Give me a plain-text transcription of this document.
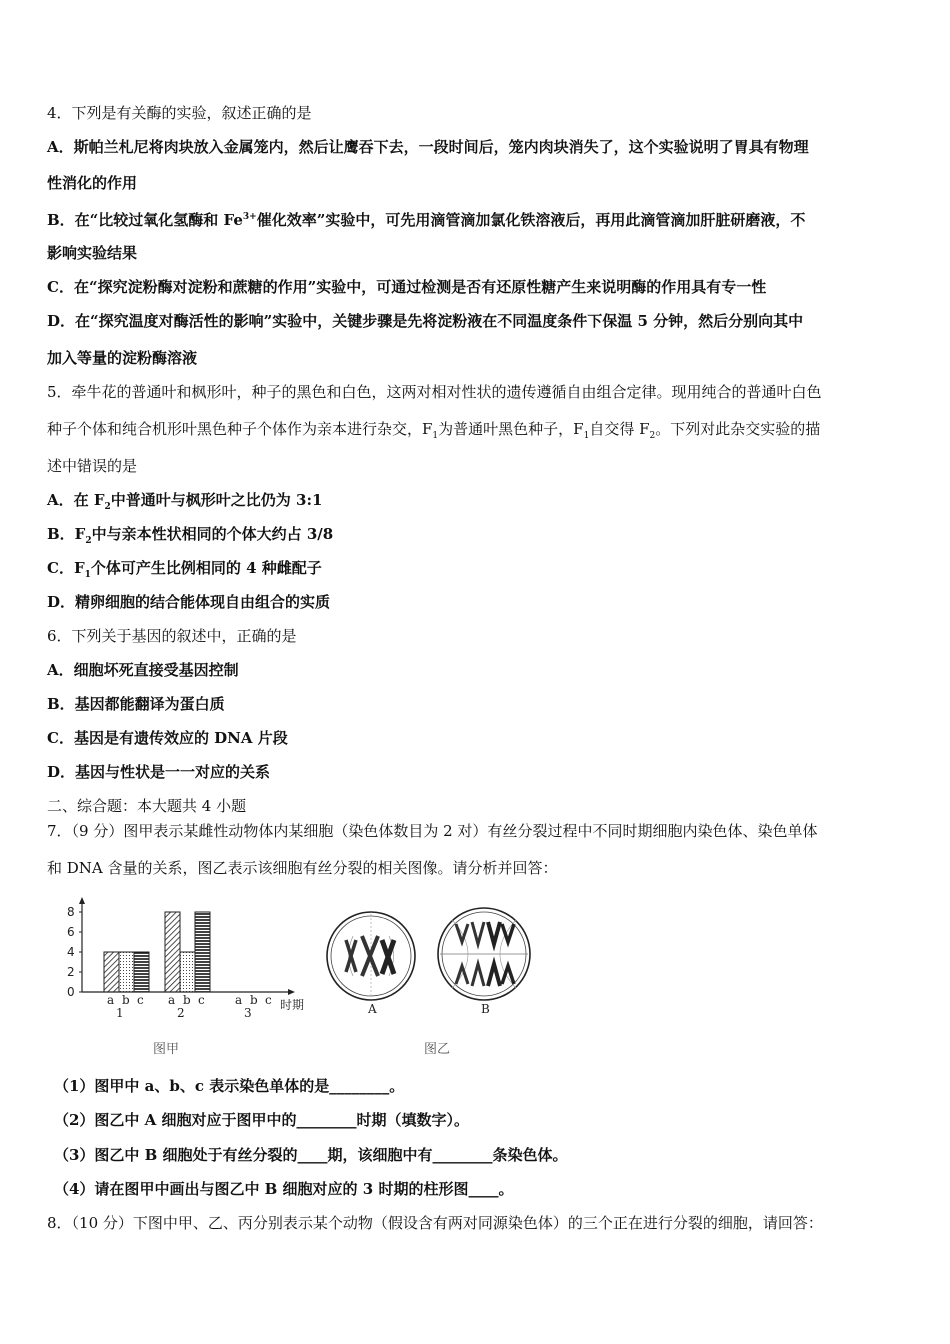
4．下列是有关酶的实验，叙述正确的是
A．斯帕兰札尼将肉块放入金属笼内，然后让鹰吞下去，一段时间后，笼内肉块消失了，这个实验说明了胃具有物理
性消化的作用
B．在“比较过氧化氢酶和 $Fe^{3+}$催化效率”实验中，可先用滴管滴加氯化铁溶液后，再用此滴管滴加肝脏研磨液，不
影响实验结果
C．在“探究淀粉酶对淀粉和蔗糖的作用”实验中，可通过检测是否有还原性糖产生来说明酶的作用具有专一性
D．在“探究温度对酶活性的影响”实验中，关键步骤是先将淀粉液在不同温度条件下保温 5 分钟，然后分别向其中
加入等量的淀粉酶溶液
5．牵牛花的普通叶和枫形叶，种子的黑色和白色，这两对相对性状的遗传遵循自由组合定律。现用纯合的普通叶白色
种子个体和纯合机形叶黑色种子个体作为亲本进行杂交，$F_1$为普通叶黑色种子，$F_1$自交得 $F_2$。下列对此杂交实验的描
述中错误的是
A．在 $F_2$中普通叶与枫形叶之比仍为 3:1
B．$F_2$中与亲本性状相同的个体大约占 3/8
C．$F_1$个体可产生比例相同的 4 种雌配子
D．精卵细胞的结合能体现自由组合的实质
6．下列关于基因的叙述中，正确的是
A．细胞坏死直接受基因控制
B．基因都能翻译为蛋白质
C．基因是有遗传效应的 DNA 片段
D．基因与性状是一一对应的关系
二、综合题：本大题共 4 小题
7．（9 分）图甲表示某雌性动物体内某细胞（染色体数目为 2 对）有丝分裂过程中不同时期细胞内染色体、染色单体
和 DNA 含量的关系，图乙表示该细胞有丝分裂的相关图像。请分析并回答：
0
2
4
6
8
a b c
1
a b c
2
a b c
3
时期	A	B
图甲	图乙
（1）图甲中 a、b、c 表示染色单体的是________。
（2）图乙中 A 细胞对应于图甲中的________时期（填数字）。
（3）图乙中 B 细胞处于有丝分裂的____期，该细胞中有________条染色体。
（4）请在图甲中画出与图乙中 B 细胞对应的 3 时期的柱形图____。
8．（10 分）下图中甲、乙、丙分别表示某个动物（假设含有两对同源染色体）的三个正在进行分裂的细胞，请回答：
